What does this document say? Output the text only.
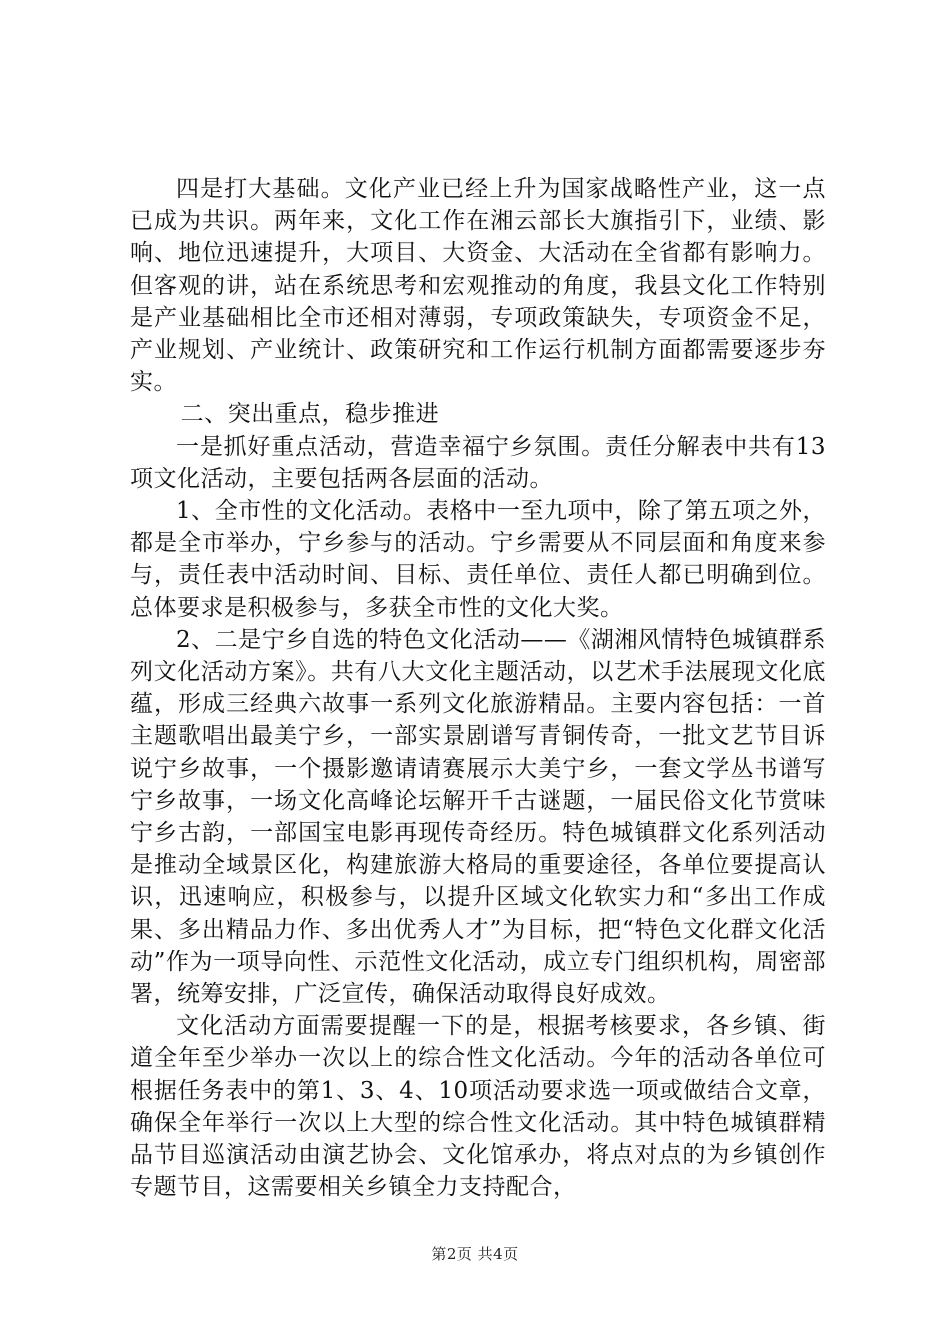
四是打大基础。文化产业已经上升为国家战略性产业，这一点已成为共识。两年来，文化工作在湘云部长大旗指引下，业绩、影响、地位迅速提升，大项目、大资金、大活动在全省都有影响力。但客观的讲，站在系统思考和宏观推动的角度，我县文化工作特别是产业基础相比全市还相对薄弱，专项政策缺失，专项资金不足，产业规划、产业统计、政策研究和工作运行机制方面都需要逐步夯实。

二、突出重点，稳步推进

一是抓好重点活动，营造幸福宁乡氛围。责任分解表中共有13项文化活动，主要包括两各层面的活动。

1、全市性的文化活动。表格中一至九项中，除了第五项之外，都是全市举办，宁乡参与的活动。宁乡需要从不同层面和角度来参与，责任表中活动时间、目标、责任单位、责任人都已明确到位。总体要求是积极参与，多获全市性的文化大奖。

2、二是宁乡自选的特色文化活动——《湖湘风情特色城镇群系列文化活动方案》。共有八大文化主题活动，以艺术手法展现文化底蕴，形成三经典六故事一系列文化旅游精品。主要内容包括：一首主题歌唱出最美宁乡，一部实景剧谱写青铜传奇，一批文艺节目诉说宁乡故事，一个摄影邀请请赛展示大美宁乡，一套文学丛书谱写宁乡故事，一场文化高峰论坛解开千古谜题，一届民俗文化节赏味宁乡古韵，一部国宝电影再现传奇经历。特色城镇群文化系列活动是推动全域景区化，构建旅游大格局的重要途径，各单位要提高认识，迅速响应，积极参与，以提升区域文化软实力和“多出工作成果、多出精品力作、多出优秀人才”为目标，把“特色文化群文化活动”作为一项导向性、示范性文化活动，成立专门组织机构，周密部署，统筹安排，广泛宣传，确保活动取得良好成效。

文化活动方面需要提醒一下的是，根据考核要求，各乡镇、街道全年至少举办一次以上的综合性文化活动。今年的活动各单位可根据任务表中的第1、3、4、10项活动要求选一项或做结合文章，确保全年举行一次以上大型的综合性文化活动。其中特色城镇群精品节目巡演活动由演艺协会、文化馆承办，将点对点的为乡镇创作专题节目，这需要相关乡镇全力支持配合，

第2页 共4页
